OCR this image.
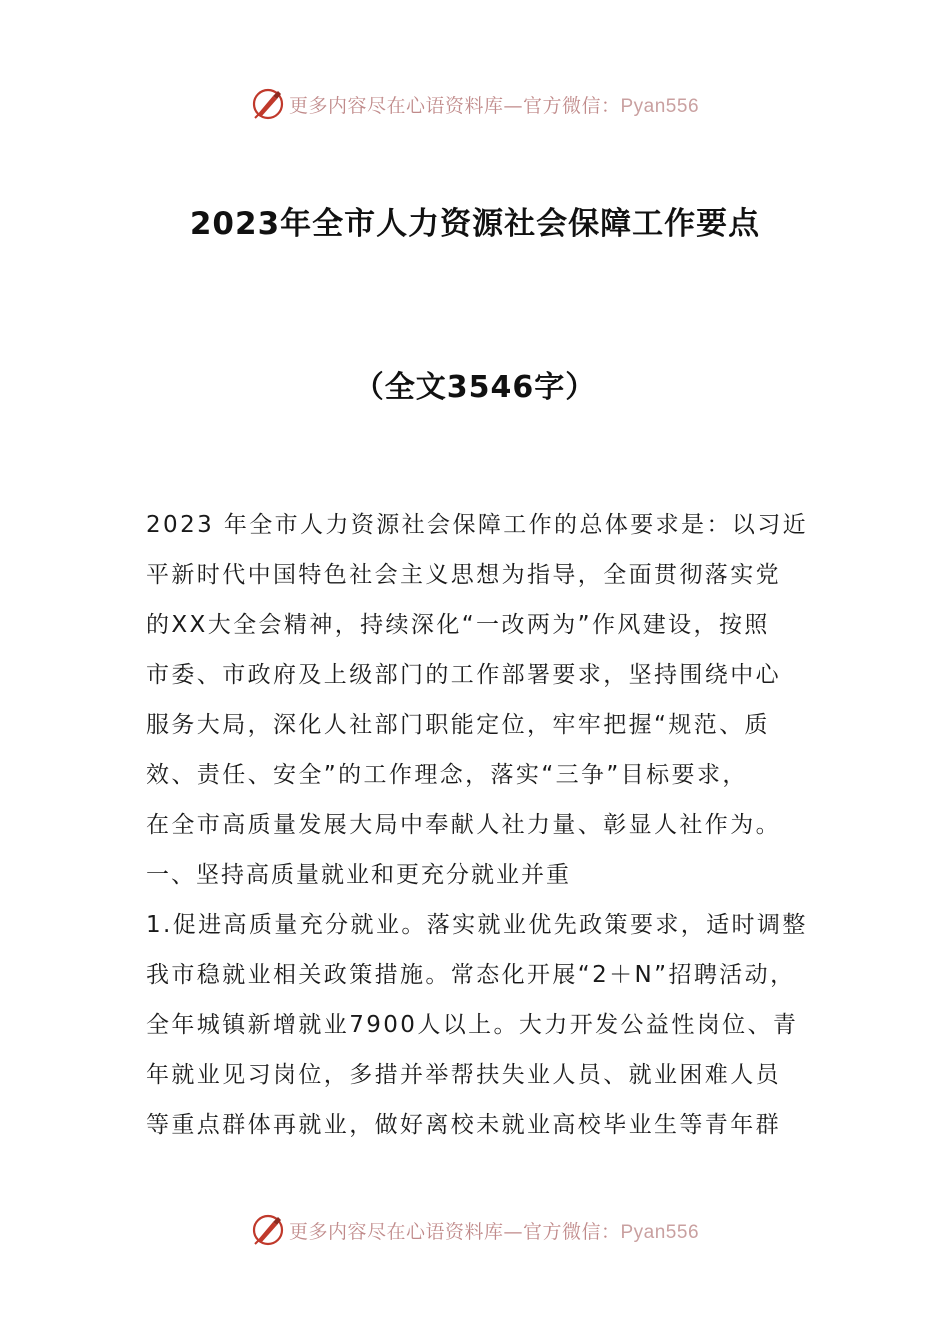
更多内容尽在心语资料库—官方微信：Pyan556
2023年全市人力资源社会保障工作要点
（全文3546字）
2023 年全市人力资源社会保障工作的总体要求是：以习近
平新时代中国特色社会主义思想为指导，全面贯彻落实党
的XX大全会精神，持续深化“一改两为”作风建设，按照
市委、市政府及上级部门的工作部署要求，坚持围绕中心
服务大局，深化人社部门职能定位，牢牢把握“规范、质
效、责任、安全”的工作理念，落实“三争”目标要求，
在全市高质量发展大局中奉献人社力量、彰显人社作为。
一、坚持高质量就业和更充分就业并重
1.促进高质量充分就业。落实就业优先政策要求，适时调整
我市稳就业相关政策措施。常态化开展“2＋N”招聘活动，
全年城镇新增就业7900人以上。大力开发公益性岗位、青
年就业见习岗位，多措并举帮扶失业人员、就业困难人员
等重点群体再就业，做好离校未就业高校毕业生等青年群
更多内容尽在心语资料库—官方微信：Pyan556
